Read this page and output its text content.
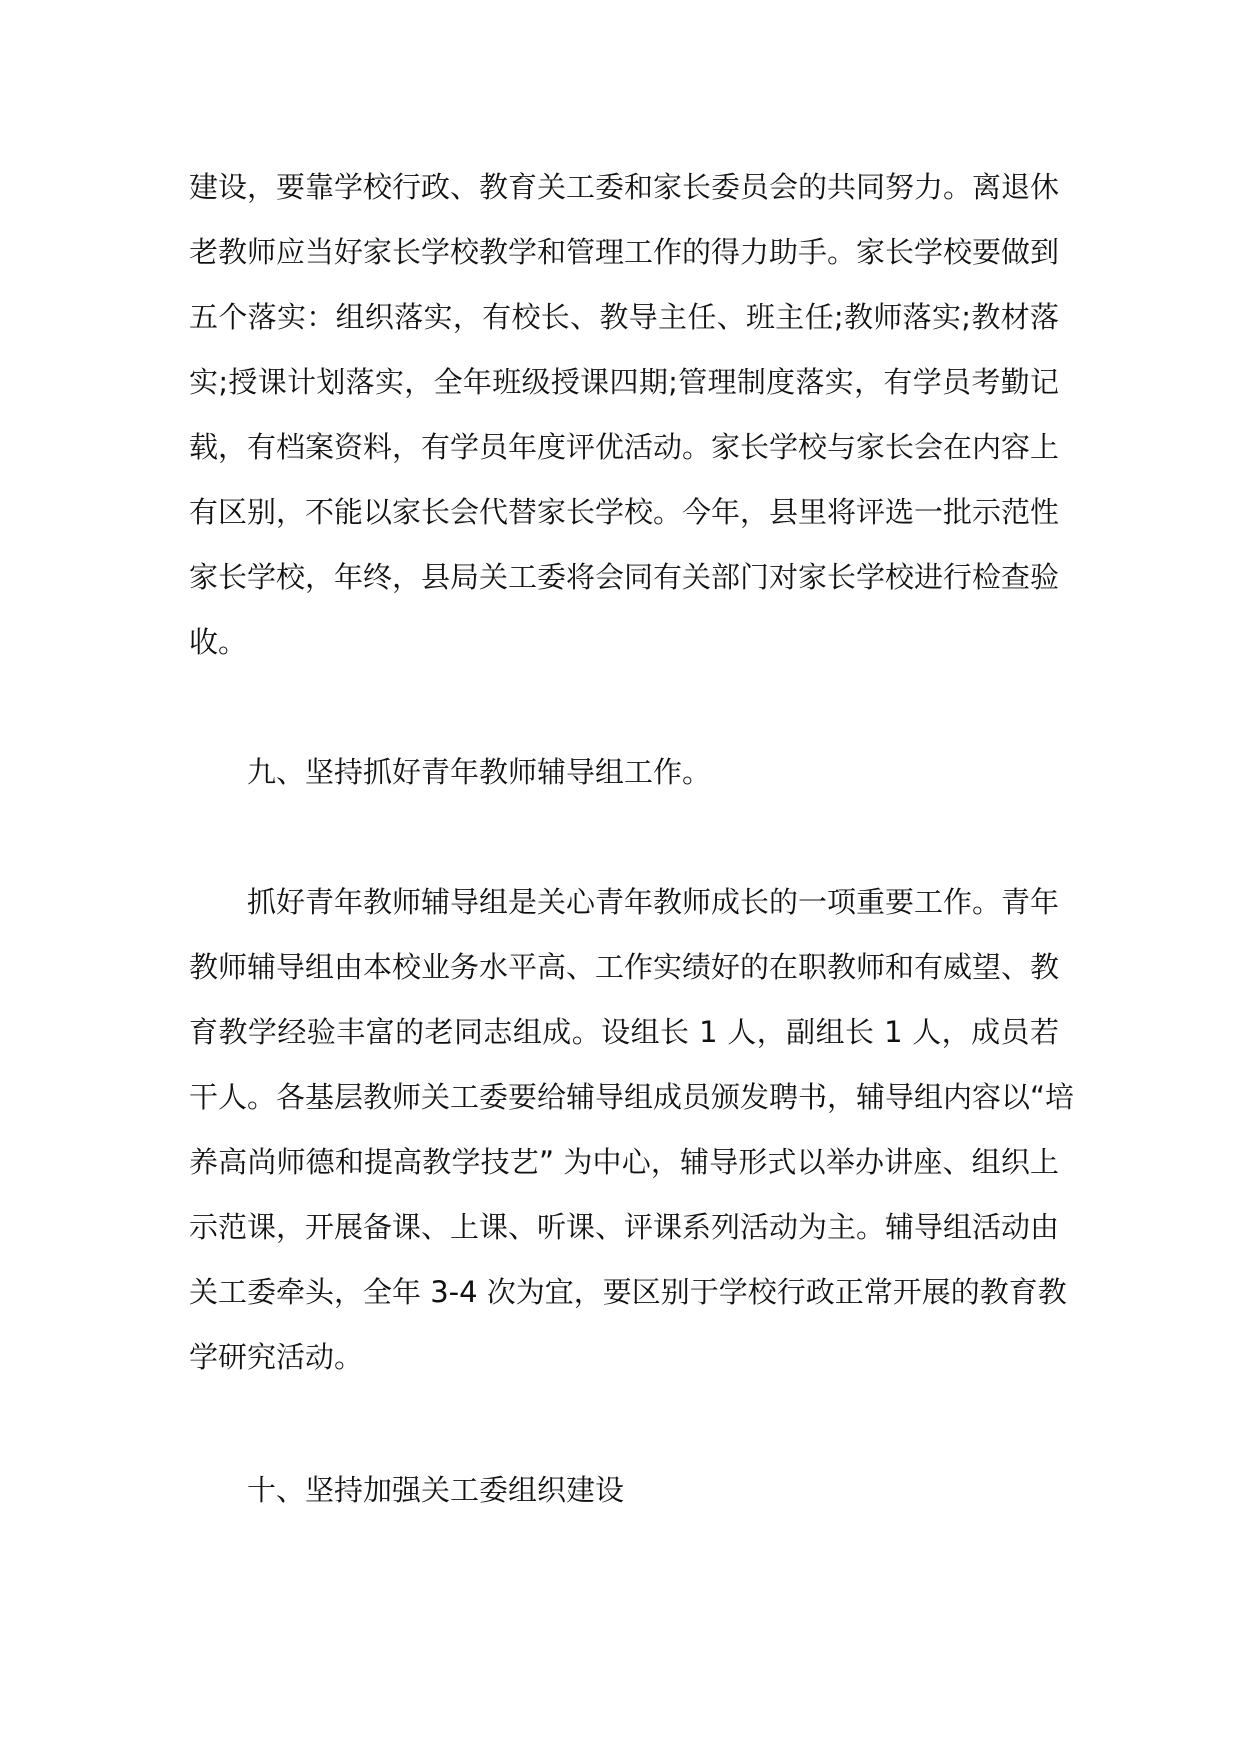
建设，要靠学校行政、教育关工委和家长委员会的共同努力。离退休
老教师应当好家长学校教学和管理工作的得力助手。家长学校要做到
五个落实：组织落实，有校长、教导主任、班主任;教师落实;教材落
实;授课计划落实，全年班级授课四期;管理制度落实，有学员考勤记
载，有档案资料，有学员年度评优活动。家长学校与家长会在内容上
有区别，不能以家长会代替家长学校。今年，县里将评选一批示范性
家长学校，年终，县局关工委将会同有关部门对家长学校进行检查验
收。
九、坚持抓好青年教师辅导组工作。
抓好青年教师辅导组是关心青年教师成长的一项重要工作。青年
教师辅导组由本校业务水平高、工作实绩好的在职教师和有威望、教
育教学经验丰富的老同志组成。设组长 1 人，副组长 1 人，成员若
干人。各基层教师关工委要给辅导组成员颁发聘书，辅导组内容以“培
养高尚师德和提高教学技艺” 为中心，辅导形式以举办讲座、组织上
示范课，开展备课、上课、听课、评课系列活动为主。辅导组活动由
关工委牵头，全年 3-4 次为宜，要区别于学校行政正常开展的教育教
学研究活动。
十、坚持加强关工委组织建设
